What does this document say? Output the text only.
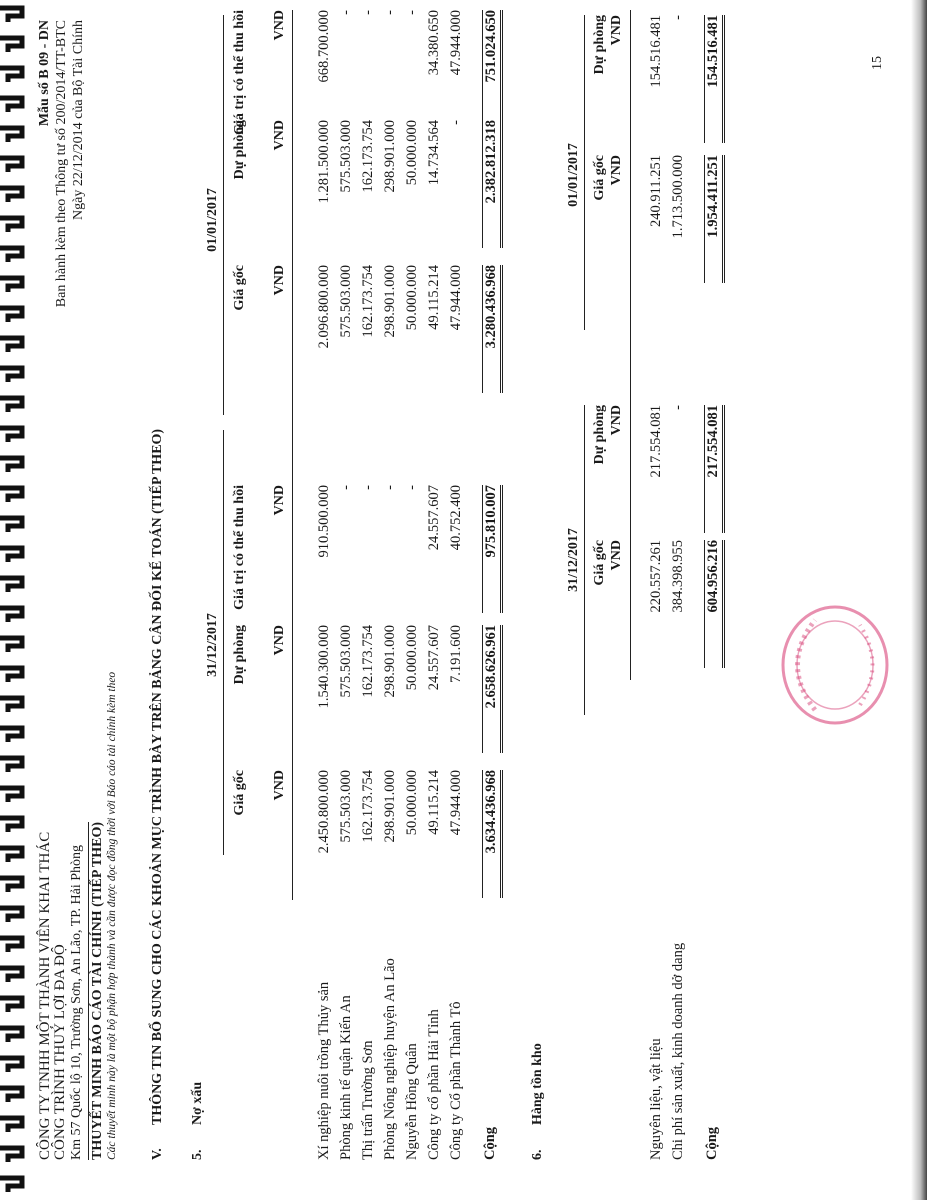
CÔNG TY TNHH MỘT THÀNH VIÊN KHAI THÁC CÔNG TRÌNH THUỶ LỢI ĐA ĐỘ Km 57 Quốc lộ 10, Trường Sơn, An Lão, TP. Hải Phòng THUYẾT MINH BÁO CÁO TÀI CHÍNH (TIẾP THEO) Các thuyết minh này là một bộ phận hợp thành và cần được đọc đồng thời với Báo cáo tài chính kèm theo
Mẫu số B 09 - DN Ban hành kèm theo Thông tư số 200/2014/TT-BTC Ngày 22/12/2014 của Bộ Tài Chính
V.
THÔNG TIN BỔ SUNG CHO CÁC KHOẢN MỤC TRÌNH BÀY TRÊN BẢNG CÂN ĐỐI KẾ TOÁN (TIẾP THEO)
5.
Nợ xấu
31/12/2017
01/01/2017
Giá gốc VND
Dự phòng VND
Giá trị có thể thu hồi VND
Giá gốc VND
Dự phòng VND
Giá trị có thể thu hồi VND
Xí nghiệp nuôi trồng Thủy sản
2.450.800.000
1.540.300.000
910.500.000
2.096.800.000
1.281.500.000
668.700.000
Phòng kinh tế quận Kiến An
575.503.000
575.503.000
-
575.503.000
575.503.000
-
Thị trấn Trường Sơn
162.173.754
162.173.754
-
162.173.754
162.173.754
-
Phòng Nông nghiệp huyện An Lão
298.901.000
298.901.000
-
298.901.000
298.901.000
-
Nguyễn Hồng Quân
50.000.000
50.000.000
-
50.000.000
50.000.000
-
Công ty cổ phần Hải Tỉnh
49.115.214
24.557.607
24.557.607
49.115.214
14.734.564
34.380.650
Công ty Cổ phần Thành Tô
47.944.000
7.191.600
40.752.400
47.944.000
-
47.944.000
Cộng
3.634.436.968
2.658.626.961
975.810.007
3.280.436.968
2.382.812.318
751.024.650
6.
Hàng tồn kho
31/12/2017
01/01/2017
Giá gốc VND
Dự phòng VND
Giá gốc VND
Dự phòng VND
Nguyên liệu, vật liệu
220.557.261
217.554.081
240.911.251
154.516.481
Chi phí sản xuất, kinh doanh dở dang
384.398.955
-
1.713.500.000
-
Cộng
604.956.216
217.554.081
1.954.411.251
154.516.481	15
